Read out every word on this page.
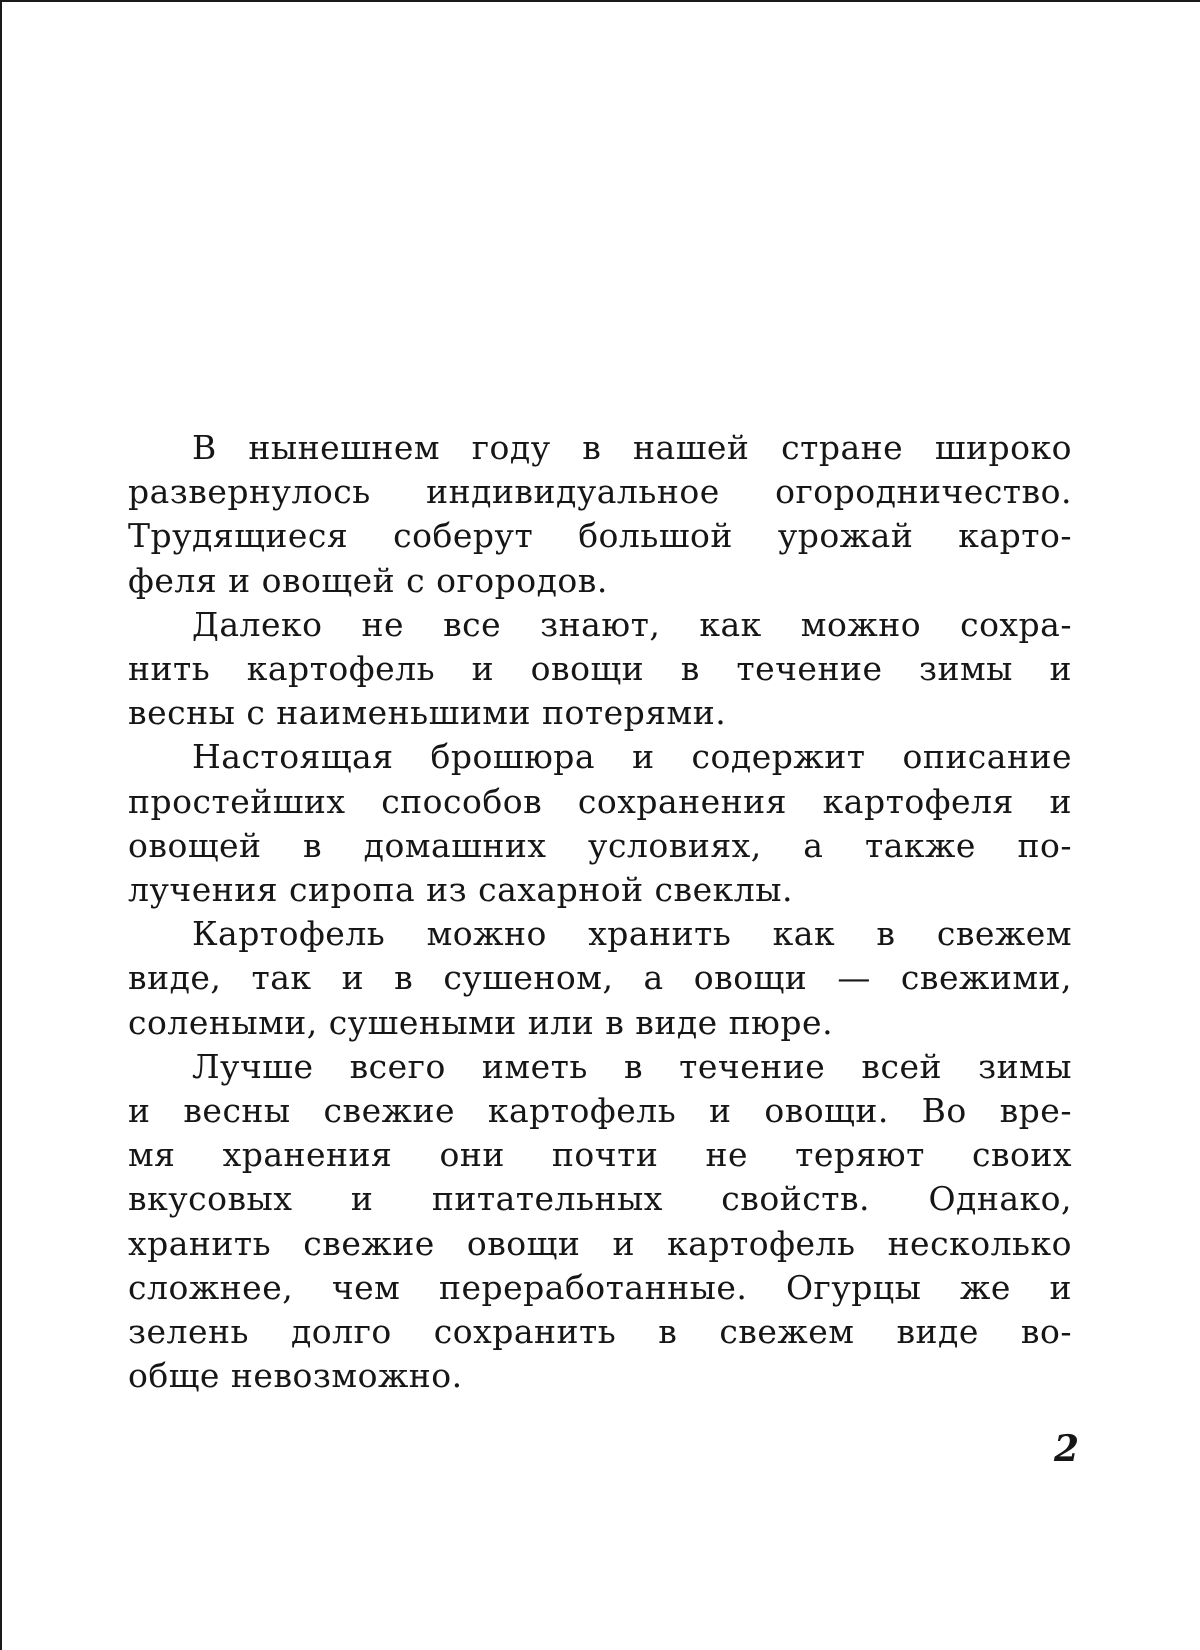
В нынешнем году в нашей стране широко
развернулось индивидуальное огородничество.
Трудящиеся соберут большой урожай карто-
феля и овощей с огородов.
Далеко не все знают, как можно сохра-
нить картофель и овощи в течение зимы и
весны с наименьшими потерями.
Настоящая брошюра и содержит описание
простейших способов сохранения картофеля и
овощей в домашних условиях, а также по-
лучения сиропа из сахарной свеклы.
Картофель можно хранить как в свежем
виде, так и в сушеном, а овощи — свежими,
солеными, сушеными или в виде пюре.
Лучше всего иметь в течение всей зимы
и весны свежие картофель и овощи. Во вре-
мя хранения они почти не теряют своих
вкусовых и питательных свойств. Однако,
хранить свежие овощи и картофель несколько
сложнее, чем переработанные. Огурцы же и
зелень долго сохранить в свежем виде во-
обще невозможно.
2
